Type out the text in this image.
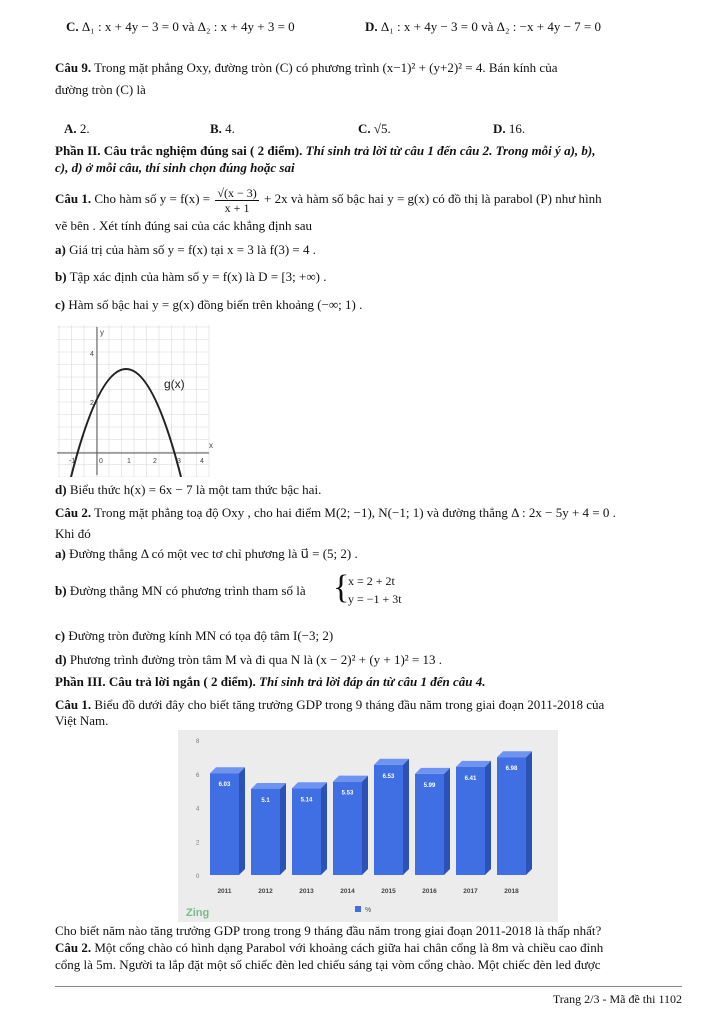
C. Δ₁ : x + 4y − 3 = 0 và Δ₂ : x + 4y + 3 = 0	D. Δ₁ : x + 4y − 3 = 0 và Δ₂ : −x + 4y − 7 = 0
Câu 9. Trong mặt phẳng Oxy, đường tròn (C) có phương trình (x−1)² + (y+2)² = 4. Bán kính của
đường tròn (C) là
A. 2.	B. 4.	C. √5.	D. 16.
Phần II. Câu trắc nghiệm đúng sai ( 2 điểm). Thí sinh trả lời từ câu 1 đến câu 2. Trong mỗi ý a), b),
c), d) ở mỗi câu, thí sinh chọn đúng hoặc sai
Câu 1. Cho hàm số $y = f(x) = \frac{√(x - 3)}{x + 1} + 2x$ và hàm số bậc hai y = g(x) có đồ thị là parabol (P) như hình
vẽ bên . Xét tính đúng sai của các khẳng định sau
a) Giá trị của hàm số y = f(x) tại x = 3 là f(3) = 4 .
b) Tập xác định của hàm số y = f(x) là D = [3; +∞) .
c) Hàm số bậc hai y = g(x) đồng biến trên khoảng (−∞; 1) .
x
y
4
2
-1	0	1	2	3	4
g(x)
d) Biểu thức h(x) = 6x − 7 là một tam thức bậc hai.
Câu 2. Trong mặt phẳng toạ độ Oxy , cho hai điểm M(2; −1), N(−1; 1) và đường thẳng Δ : 2x − 5y + 4 = 0 .
Khi đó
a) Đường thẳng Δ có một vec tơ chỉ phương là u⃗ = (5; 2) .
b) Đường thẳng MN có phương trình tham số là {
x = 2 + 2t
y = −1 + 3t
c) Đường tròn đường kính MN có tọa độ tâm I(−3; 2)
d) Phương trình đường tròn tâm M và đi qua N là (x − 2)² + (y + 1)² = 13 .
Phần III. Câu trả lời ngắn ( 2 điểm). Thí sinh trả lời đáp án từ câu 1 đến câu 4.
Câu 1. Biểu đồ dưới đây cho biết tăng trưởng GDP trong 9 tháng đầu năm trong giai đoạn 2011-2018 của
Việt Nam.
8
6
4
2
0
6.03
5.1	5.14
5.53
6.53
5.99
6.41
6.98
2011	2012	2013	2014	2015	2016	2017	2018
%
Zing
Cho biết năm nào tăng trưởng GDP trong trong 9 tháng đầu năm trong giai đoạn 2011-2018 là thấp nhất?
Câu 2. Một cổng chào có hình dạng Parabol với khoảng cách giữa hai chân cổng là 8m và chiều cao đỉnh
cổng là 5m. Người ta lắp đặt một số chiếc đèn led chiếu sáng tại vòm cổng chào. Một chiếc đèn led được
Trang 2/3 - Mã đề thi 1102
